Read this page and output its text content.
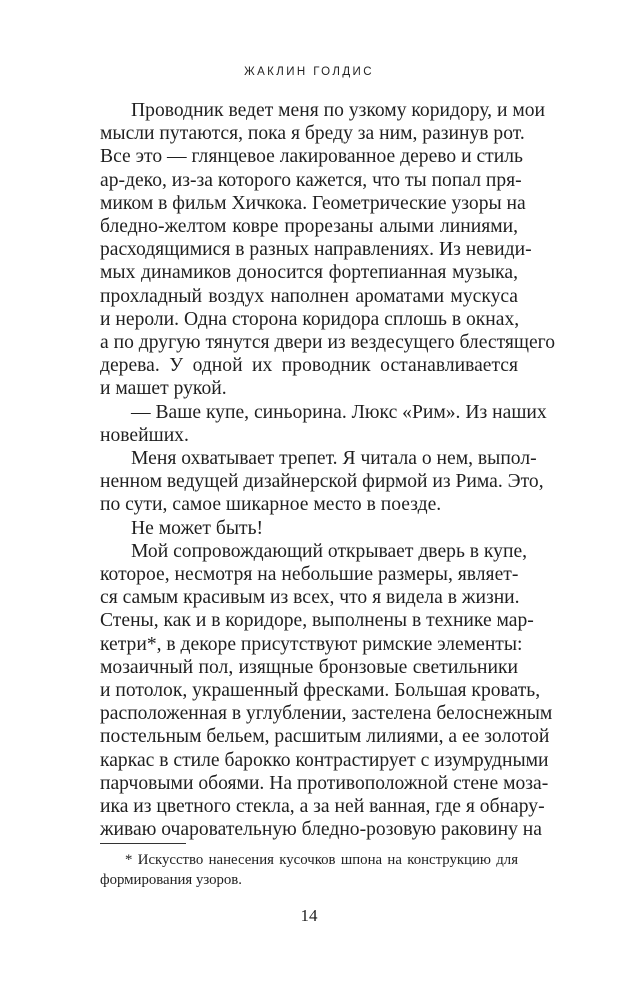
ЖАКЛИН ГОЛДИС

Проводник ведет меня по узкому коридору, и мои

мысли путаются, пока я бреду за ним, разинув рот.

Все это — глянцевое лакированное дерево и стиль

ар-деко, из-за которого кажется, что ты попал пря-

миком в фильм Хичкока. Геометрические узоры на

бледно-желтом ковре прорезаны алыми линиями,

расходящимися в разных направлениях. Из невиди-

мых динамиков доносится фортепианная музыка,

прохладный воздух наполнен ароматами мускуса

и нероли. Одна сторона коридора сплошь в окнах,

а по другую тянутся двери из вездесущего блестящего

дерева. У одной их проводник останавливается

и машет рукой.

— Ваше купе, синьорина. Люкс «Рим». Из наших

новейших.

Меня охватывает трепет. Я читала о нем, выпол-

ненном ведущей дизайнерской фирмой из Рима. Это,

по сути, самое шикарное место в поезде.

Не может быть!

Мой сопровождающий открывает дверь в купе,

которое, несмотря на небольшие размеры, являет-

ся самым красивым из всех, что я видела в жизни.

Стены, как и в коридоре, выполнены в технике мар-

кетри*, в декоре присутствуют римские элементы:

мозаичный пол, изящные бронзовые светильники

и потолок, украшенный фресками. Большая кровать,

расположенная в углублении, застелена белоснежным

постельным бельем, расшитым лилиями, а ее золотой

каркас в стиле барокко контрастирует с изумрудными

парчовыми обоями. На противоположной стене моза-

ика из цветного стекла, а за ней ванная, где я обнару-

живаю очаровательную бледно-розовую раковину на

* Искусство нанесения кусочков шпона на конструкцию для
формирования узоров.
14
